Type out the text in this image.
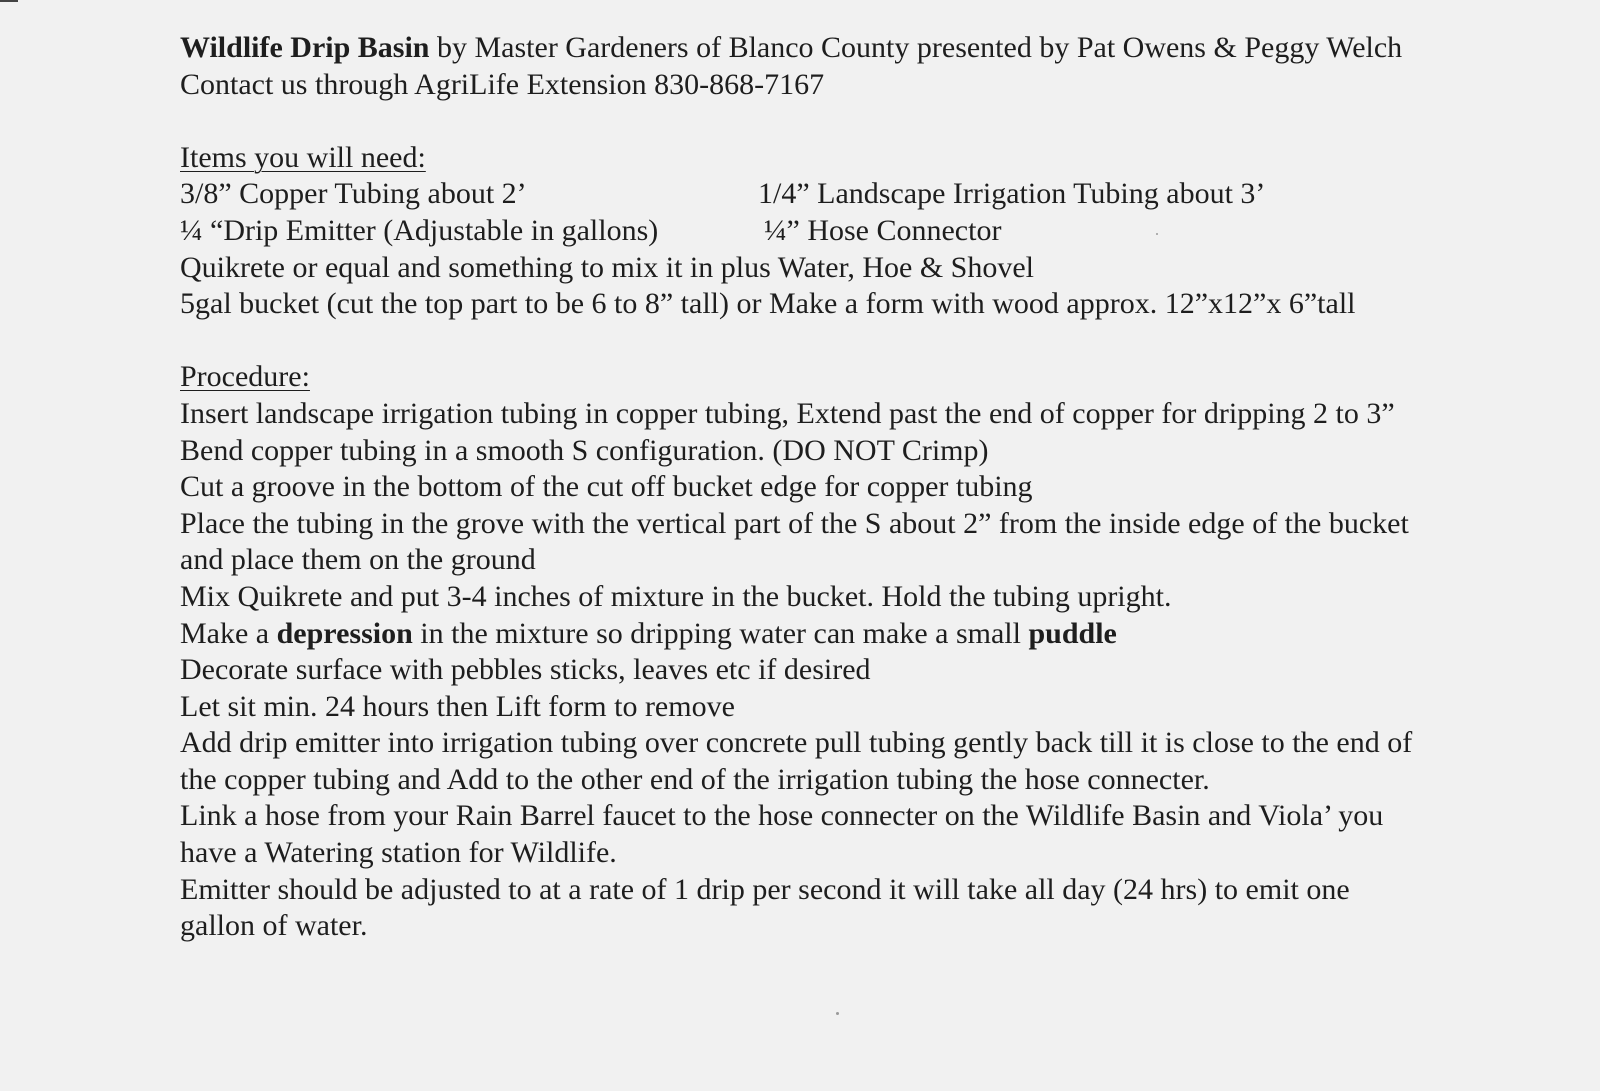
Wildlife Drip Basin by Master Gardeners of Blanco County presented by Pat Owens & Peggy Welch
Contact us through AgriLife Extension 830-868-7167
Items you will need:
3/8” Copper Tubing about 2’	1/4” Landscape Irrigation Tubing about 3’
¼ “Drip Emitter (Adjustable in gallons)	¼” Hose Connector
Quikrete or equal and something to mix it in plus Water, Hoe & Shovel
5gal bucket (cut the top part to be 6 to 8” tall) or Make a form with wood approx. 12”x12”x 6”tall
Procedure:
Insert landscape irrigation tubing in copper tubing, Extend past the end of copper for dripping 2 to 3”
Bend copper tubing in a smooth S configuration. (DO NOT Crimp)
Cut a groove in the bottom of the cut off bucket edge for copper tubing
Place the tubing in the grove with the vertical part of the S about 2” from the inside edge of the bucket
and place them on the ground
Mix Quikrete and put 3-4 inches of mixture in the bucket. Hold the tubing upright.
Make a depression in the mixture so dripping water can make a small puddle
Decorate surface with pebbles sticks, leaves etc if desired
Let sit min. 24 hours then Lift form to remove
Add drip emitter into irrigation tubing over concrete pull tubing gently back till it is close to the end of
the copper tubing and Add to the other end of the irrigation tubing the hose connecter.
Link a hose from your Rain Barrel faucet to the hose connecter on the Wildlife Basin and Viola’ you
have a Watering station for Wildlife.
Emitter should be adjusted to at a rate of 1 drip per second it will take all day (24 hrs) to emit one
gallon of water.
